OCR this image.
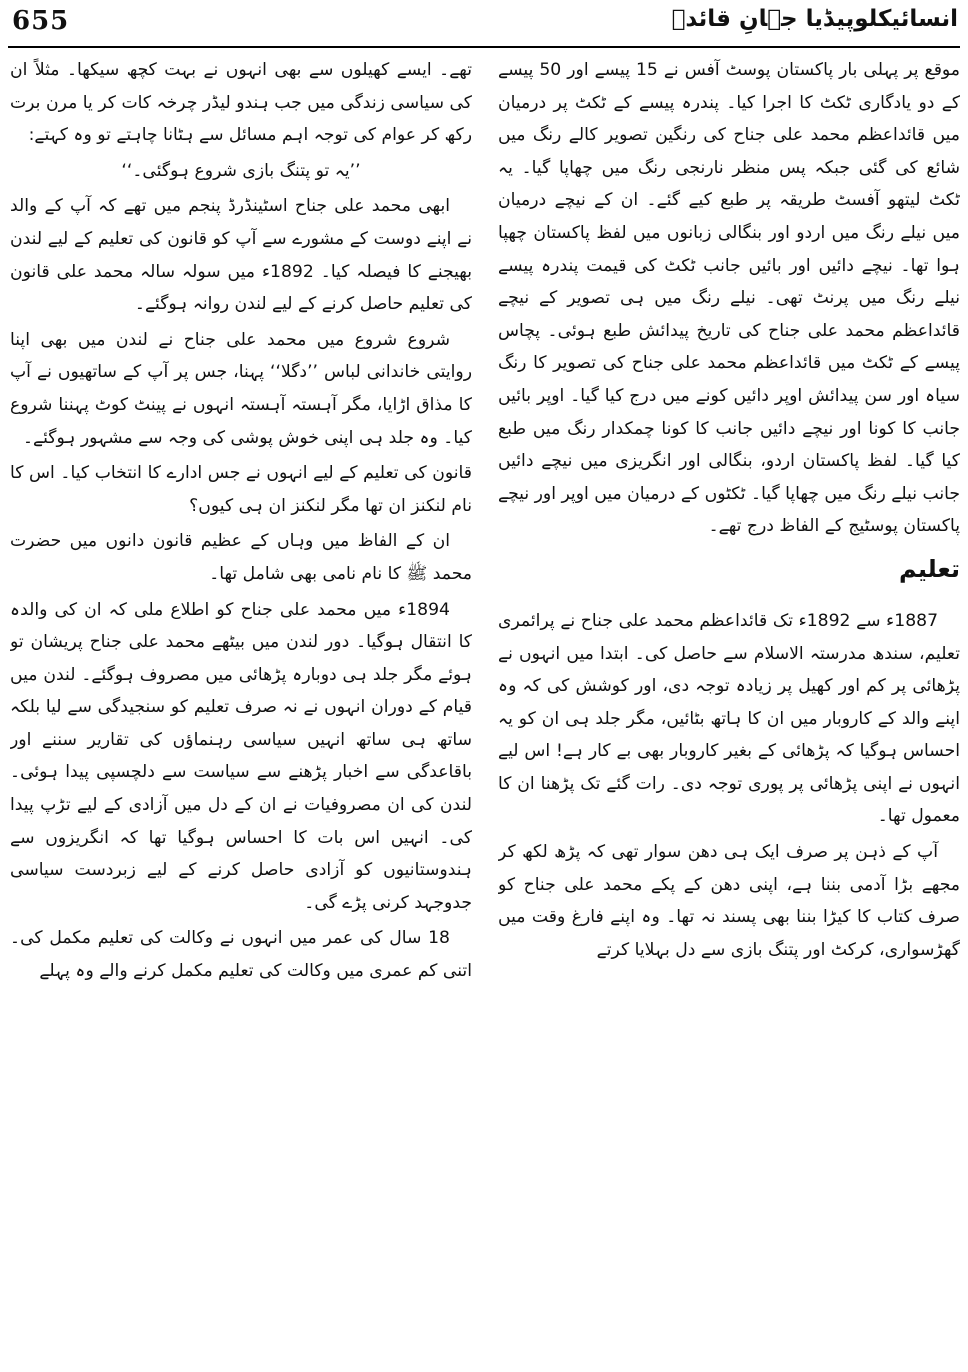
655	انسائیکلوپیڈیا جہانِ قائدؒ

موقع پر پہلی بار پاکستان پوسٹ آفس نے 15 پیسے اور 50 پیسے کے دو یادگاری ٹکٹ کا اجرا کیا۔ پندرہ پیسے کے ٹکٹ پر درمیان میں قائداعظم محمد علی جناح کی رنگین تصویر کالے رنگ میں شائع کی گئی جبکہ پس منظر نارنجی رنگ میں چھاپا گیا۔ یہ ٹکٹ لیتھو آفسٹ طریقہ پر طبع کیے گئے۔ ان کے نیچے درمیان میں نیلے رنگ میں اردو اور بنگالی زبانوں میں لفظ پاکستان چھپا ہوا تھا۔ نیچے دائیں اور بائیں جانب ٹکٹ کی قیمت پندرہ پیسے نیلے رنگ میں پرنٹ تھی۔ نیلے رنگ میں ہی تصویر کے نیچے قائداعظم محمد علی جناح کی تاریخ پیدائش طبع ہوئی۔ پچاس پیسے کے ٹکٹ میں قائداعظم محمد علی جناح کی تصویر کا رنگ سیاہ اور سن پیدائش اوپر دائیں کونے میں درج کیا گیا۔ اوپر بائیں جانب کا کونا اور نیچے دائیں جانب کا کونا چمکدار رنگ میں طبع کیا گیا۔ لفظ پاکستان اردو، بنگالی اور انگریزی میں نیچے دائیں جانب نیلے رنگ میں چھاپا گیا۔ ٹکٹوں کے درمیان میں اوپر اور نیچے پاکستان پوسٹیج کے الفاظ درج تھے۔

تعلیم

1887ء سے 1892ء تک قائداعظم محمد علی جناح نے پرائمری تعلیم، سندھ مدرستہ الاسلام سے حاصل کی۔ ابتدا میں انہوں نے پڑھائی پر کم اور کھیل پر زیادہ توجہ دی، اور کوشش کی کہ وہ اپنے والد کے کاروبار میں ان کا ہاتھ بٹائیں، مگر جلد ہی ان کو یہ احساس ہوگیا کہ پڑھائی کے بغیر کاروبار بھی بے کار ہے! اس لیے انہوں نے اپنی پڑھائی پر پوری توجہ دی۔ رات گئے تک پڑھنا ان کا معمول تھا۔

آپ کے ذہن پر صرف ایک ہی دھن سوار تھی کہ پڑھ لکھ کر مجھے بڑا آدمی بننا ہے، اپنی دھن کے پکے محمد علی جناح کو صرف کتاب کا کیڑا بننا بھی پسند نہ تھا۔ وہ اپنے فارغ وقت میں گھڑسواری، کرکٹ اور پتنگ بازی سے دل بہلایا کرتے

تھے۔ ایسے کھیلوں سے بھی انہوں نے بہت کچھ سیکھا۔ مثلاً ان کی سیاسی زندگی میں جب ہندو لیڈر چرخہ کات کر یا مرن برت رکھ کر عوام کی توجہ اہم مسائل سے ہٹانا چاہتے تو وہ کہتے:

’’یہ تو پتنگ بازی شروع ہوگئی۔‘‘

ابھی محمد علی جناح اسٹینڈرڈ پنجم میں تھے کہ آپ کے والد نے اپنے دوست کے مشورے سے آپ کو قانون کی تعلیم کے لیے لندن بھیجنے کا فیصلہ کیا۔ 1892ء میں سولہ سالہ محمد علی قانون کی تعلیم حاصل کرنے کے لیے لندن روانہ ہوگئے۔

شروع شروع میں محمد علی جناح نے لندن میں بھی اپنا روایتی خاندانی لباس ’’دگلا‘‘ پہنا، جس پر آپ کے ساتھیوں نے آپ کا مذاق اڑایا، مگر آہستہ آہستہ انہوں نے پینٹ کوٹ پہننا شروع کیا۔ وہ جلد ہی اپنی خوش پوشی کی وجہ سے مشہور ہوگئے۔

قانون کی تعلیم کے لیے انہوں نے جس ادارے کا انتخاب کیا۔ اس کا نام لنکنز ان تھا مگر لنکنز ان ہی کیوں؟

ان کے الفاظ میں وہاں کے عظیم قانون دانوں میں حضرت محمد ﷺ کا نام نامی بھی شامل تھا۔

1894ء میں محمد علی جناح کو اطلاع ملی کہ ان کی والدہ کا انتقال ہوگیا۔ دور لندن میں بیٹھے محمد علی جناح پریشان تو ہوئے مگر جلد ہی دوبارہ پڑھائی میں مصروف ہوگئے۔ لندن میں قیام کے دوران انہوں نے نہ صرف تعلیم کو سنجیدگی سے لیا بلکہ ساتھ ہی ساتھ انہیں سیاسی رہنماؤں کی تقاریر سننے اور باقاعدگی سے اخبار پڑھنے سے سیاست سے دلچسپی پیدا ہوئی۔ لندن کی ان مصروفیات نے ان کے دل میں آزادی کے لیے تڑپ پیدا کی۔ انہیں اس بات کا احساس ہوگیا تھا کہ انگریزوں سے ہندوستانیوں کو آزادی حاصل کرنے کے لیے زبردست سیاسی جدوجہد کرنی پڑے گی۔

18 سال کی عمر میں انہوں نے وکالت کی تعلیم مکمل کی۔ اتنی کم عمری میں وکالت کی تعلیم مکمل کرنے والے وہ پہلے
